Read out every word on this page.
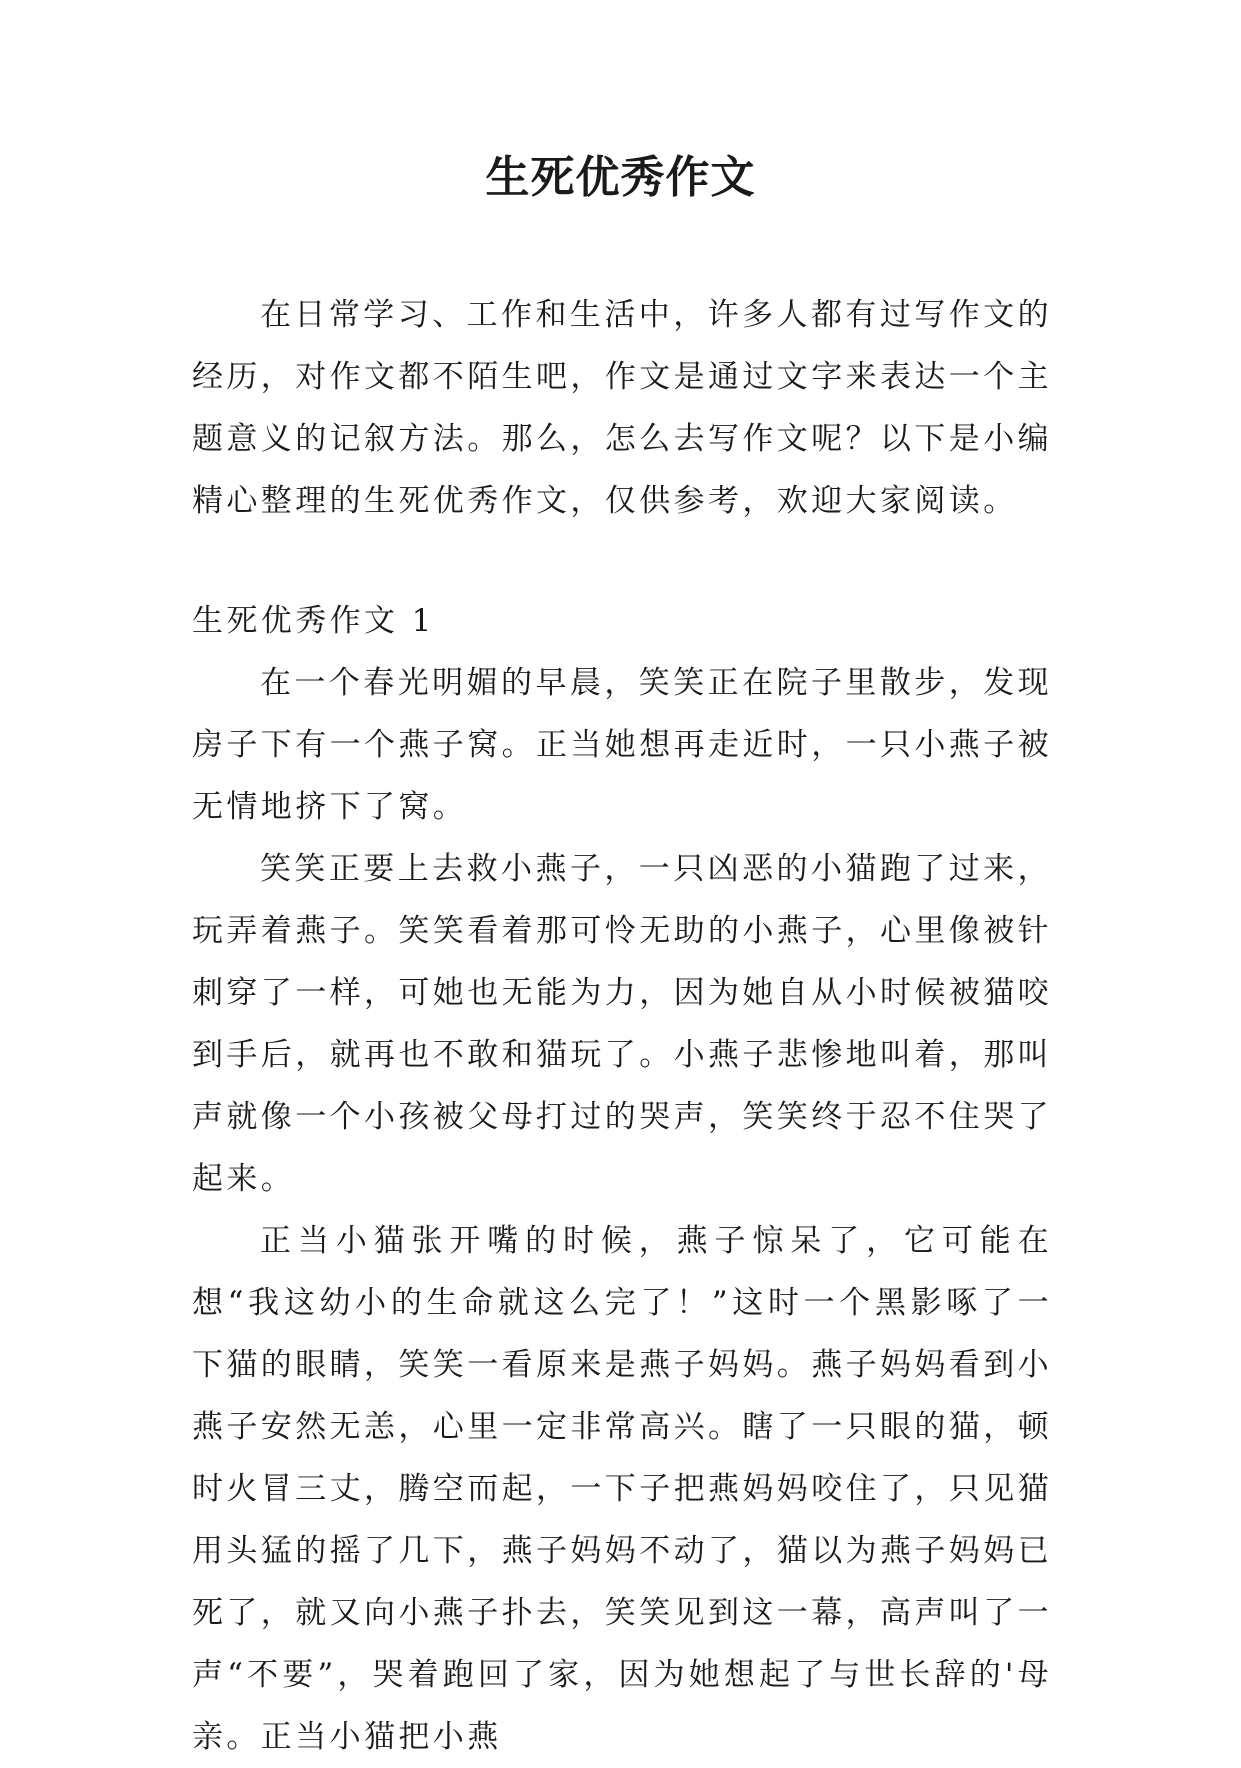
生死优秀作文

在日常学习、工作和生活中，许多人都有过写作文的经历，对作文都不陌生吧，作文是通过文字来表达一个主题意义的记叙方法。那么，怎么去写作文呢？以下是小编精心整理的生死优秀作文，仅供参考，欢迎大家阅读。

生死优秀作文 1

在一个春光明媚的早晨，笑笑正在院子里散步，发现房子下有一个燕子窝。正当她想再走近时，一只小燕子被无情地挤下了窝。

笑笑正要上去救小燕子，一只凶恶的小猫跑了过来，玩弄着燕子。笑笑看着那可怜无助的小燕子，心里像被针刺穿了一样，可她也无能为力，因为她自从小时候被猫咬到手后，就再也不敢和猫玩了。小燕子悲惨地叫着，那叫声就像一个小孩被父母打过的哭声，笑笑终于忍不住哭了起来。

正当小猫张开嘴的时候，燕子惊呆了，它可能在想“我这幼小的生命就这么完了！”这时一个黑影啄了一下猫的眼睛，笑笑一看原来是燕子妈妈。燕子妈妈看到小燕子安然无恙，心里一定非常高兴。瞎了一只眼的猫，顿时火冒三丈，腾空而起，一下子把燕妈妈咬住了，只见猫用头猛的摇了几下，燕子妈妈不动了，猫以为燕子妈妈已死了，就又向小燕子扑去，笑笑见到这一幕，高声叫了一声“不要”，哭着跑回了家，因为她想起了与世长辞的'母亲。正当小猫把小燕
